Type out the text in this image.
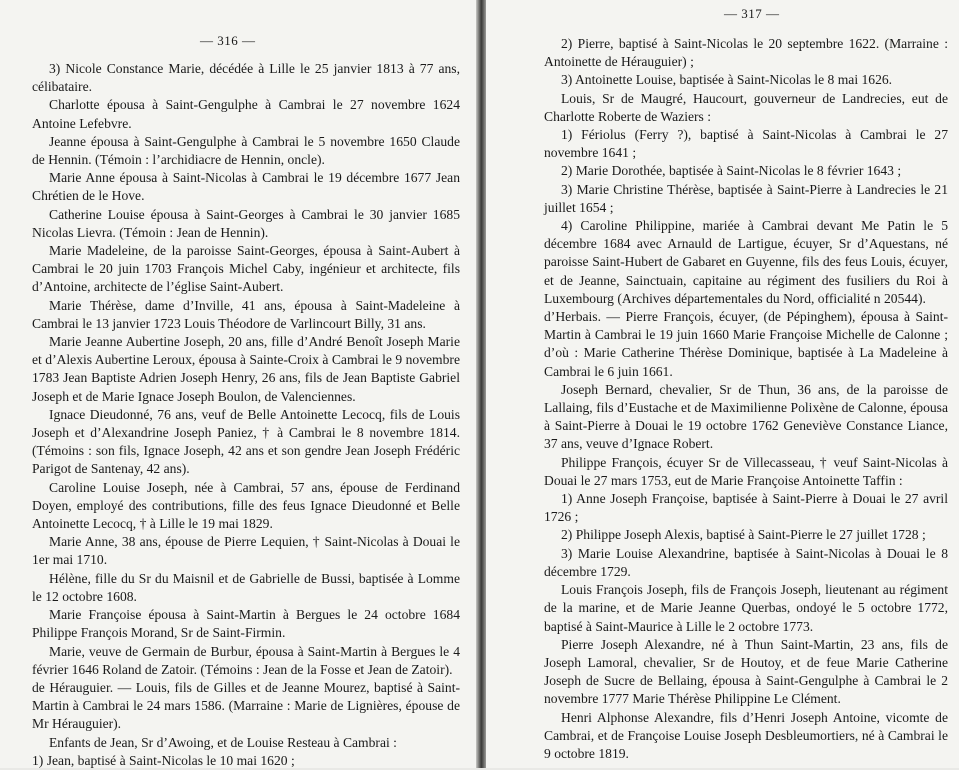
— 316 —

3) Nicole Constance Marie, décédée à Lille le 25 janvier 1813 à 77 ans, célibataire.

Charlotte épousa à Saint-Gengulphe à Cambrai le 27 novembre 1624 Antoine Lefebvre.

Jeanne épousa à Saint-Gengulphe à Cambrai le 5 novembre 1650 Claude de Hennin. (Témoin : l’archidiacre de Hennin, oncle).

Marie Anne épousa à Saint-Nicolas à Cambrai le 19 décembre 1677 Jean Chrétien de le Hove.

Catherine Louise épousa à Saint-Georges à Cambrai le 30 janvier 1685 Nicolas Lievra. (Témoin : Jean de Hennin).

Marie Madeleine, de la paroisse Saint-Georges, épousa à Saint-Aubert à Cambrai le 20 juin 1703 François Michel Caby, ingénieur et architecte, fils d’Antoine, architecte de l’église Saint-Aubert.

Marie Thérèse, dame d’Inville, 41 ans, épousa à Saint-Madeleine à Cambrai le 13 janvier 1723 Louis Théodore de Varlincourt Billy, 31 ans.

Marie Jeanne Aubertine Joseph, 20 ans, fille d’André Benoît Joseph Marie et d’Alexis Aubertine Leroux, épousa à Sainte-Croix à Cambrai le 9 novembre 1783 Jean Baptiste Adrien Joseph Henry, 26 ans, fils de Jean Baptiste Gabriel Joseph et de Marie Ignace Joseph Boulon, de Valenciennes.

Ignace Dieudonné, 76 ans, veuf de Belle Antoinette Lecocq, fils de Louis Joseph et d’Alexandrine Joseph Paniez, † à Cambrai le 8 novembre 1814. (Témoins : son fils, Ignace Joseph, 42 ans et son gendre Jean Joseph Frédéric Parigot de Santenay, 42 ans).

Caroline Louise Joseph, née à Cambrai, 57 ans, épouse de Ferdinand Doyen, employé des contributions, fille des feus Ignace Dieudonné et Belle Antoinette Lecocq, † à Lille le 19 mai 1829.

Marie Anne, 38 ans, épouse de Pierre Lequien, † Saint-Nicolas à Douai le 1er mai 1710.

Hélène, fille du Sr du Maisnil et de Gabrielle de Bussi, baptisée à Lomme le 12 octobre 1608.

Marie Françoise épousa à Saint-Martin à Bergues le 24 octobre 1684 Philippe François Morand, Sr de Saint-Firmin.

Marie, veuve de Germain de Burbur, épousa à Saint-Martin à Bergues le 4 février 1646 Roland de Zatoir. (Témoins : Jean de la Fosse et Jean de Zatoir).

de Hérauguier. — Louis, fils de Gilles et de Jeanne Mourez, baptisé à Saint-Martin à Cambrai le 24 mars 1586. (Marraine : Marie de Lignières, épouse de Mr Hérauguier).

Enfants de Jean, Sr d’Awoing, et de Louise Resteau à Cambrai :

1) Jean, baptisé à Saint-Nicolas le 10 mai 1620 ;

— 317 —

2) Pierre, baptisé à Saint-Nicolas le 20 septembre 1622. (Marraine : Antoinette de Hérauguier) ;

3) Antoinette Louise, baptisée à Saint-Nicolas le 8 mai 1626.

Louis, Sr de Maugré, Haucourt, gouverneur de Landrecies, eut de Charlotte Roberte de Waziers :

1) Fériolus (Ferry ?), baptisé à Saint-Nicolas à Cambrai le 27 novembre 1641 ;

2) Marie Dorothée, baptisée à Saint-Nicolas le 8 février 1643 ;

3) Marie Christine Thérèse, baptisée à Saint-Pierre à Landrecies le 21 juillet 1654 ;

4) Caroline Philippine, mariée à Cambrai devant Me Patin le 5 décembre 1684 avec Arnauld de Lartigue, écuyer, Sr d’Aquestans, né paroisse Saint-Hubert de Gabaret en Guyenne, fils des feus Louis, écuyer, et de Jeanne, Sainctuain, capitaine au régiment des fusiliers du Roi à Luxembourg (Archives départementales du Nord, officialité n 20544).

d’Herbais. — Pierre François, écuyer, (de Pépinghem), épousa à Saint-Martin à Cambrai le 19 juin 1660 Marie Françoise Michelle de Calonne ; d’où : Marie Catherine Thérèse Dominique, baptisée à La Madeleine à Cambrai le 6 juin 1661.

Joseph Bernard, chevalier, Sr de Thun, 36 ans, de la paroisse de Lallaing, fils d’Eustache et de Maximilienne Polixène de Calonne, épousa à Saint-Pierre à Douai le 19 octobre 1762 Geneviève Constance Liance, 37 ans, veuve d’Ignace Robert.

Philippe François, écuyer Sr de Villecasseau, † veuf Saint-Nicolas à Douai le 27 mars 1753, eut de Marie Françoise Antoinette Taffin :

1) Anne Joseph Françoise, baptisée à Saint-Pierre à Douai le 27 avril 1726 ;

2) Philippe Joseph Alexis, baptisé à Saint-Pierre le 27 juillet 1728 ;

3) Marie Louise Alexandrine, baptisée à Saint-Nicolas à Douai le 8 décembre 1729.

Louis François Joseph, fils de François Joseph, lieutenant au régiment de la marine, et de Marie Jeanne Querbas, ondoyé le 5 octobre 1772, baptisé à Saint-Maurice à Lille le 2 octobre 1773.

Pierre Joseph Alexandre, né à Thun Saint-Martin, 23 ans, fils de Joseph Lamoral, chevalier, Sr de Houtoy, et de feue Marie Catherine Joseph de Sucre de Bellaing, épousa à Saint-Gengulphe à Cambrai le 2 novembre 1777 Marie Thérèse Philippine Le Clément.

Henri Alphonse Alexandre, fils d’Henri Joseph Antoine, vicomte de Cambrai, et de Françoise Louise Joseph Desbleumortiers, né à Cambrai le 9 octobre 1819.
